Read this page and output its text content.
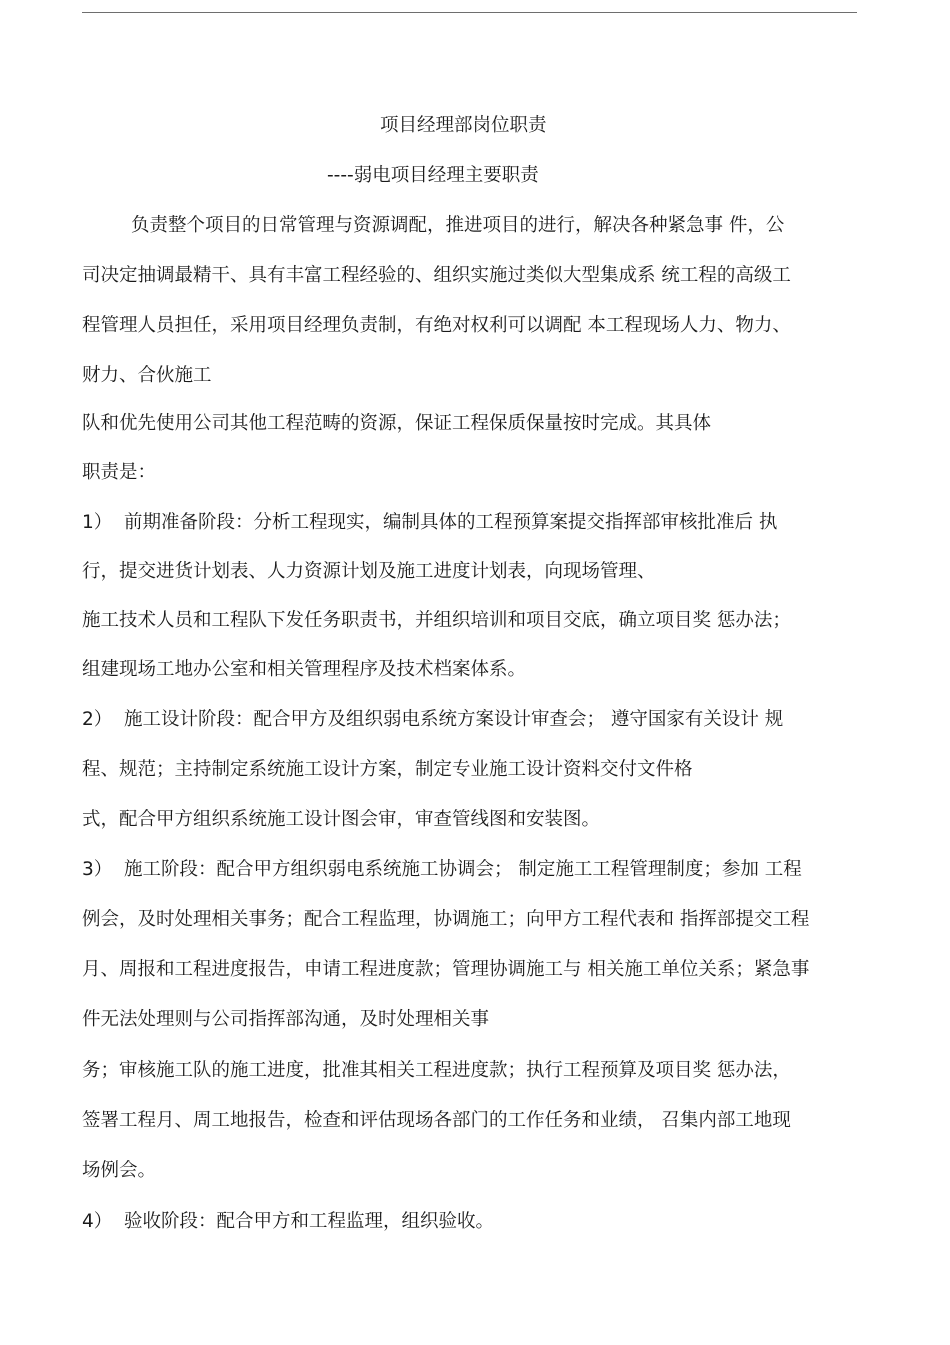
项目经理部岗位职责
----弱电项目经理主要职责
负责整个项目的日常管理与资源调配，推进项目的进行，解决各种紧急事 件，公
司决定抽调最精干、具有丰富工程经验的、组织实施过类似大型集成系 统工程的高级工
程管理人员担任，采用项目经理负责制，有绝对权利可以调配 本工程现场人力、物力、
财力、合伙施工
队和优先使用公司其他工程范畴的资源，保证工程保质保量按时完成。其具体
职责是：
1） 前期准备阶段：分析工程现实，编制具体的工程预算案提交指挥部审核批准后 执
行，提交进货计划表、人力资源计划及施工进度计划表，向现场管理、
施工技术人员和工程队下发任务职责书，并组织培训和项目交底，确立项目奖 惩办法；
组建现场工地办公室和相关管理程序及技术档案体系。
2） 施工设计阶段：配合甲方及组织弱电系统方案设计审查会； 遵守国家有关设计 规
程、规范；主持制定系统施工设计方案，制定专业施工设计资料交付文件格
式，配合甲方组织系统施工设计图会审，审查管线图和安装图。
3） 施工阶段：配合甲方组织弱电系统施工协调会； 制定施工工程管理制度；参加 工程
例会，及时处理相关事务；配合工程监理，协调施工；向甲方工程代表和 指挥部提交工程
月、周报和工程进度报告，申请工程进度款；管理协调施工与 相关施工单位关系；紧急事
件无法处理则与公司指挥部沟通，及时处理相关事
务；审核施工队的施工进度，批准其相关工程进度款；执行工程预算及项目奖 惩办法，
签署工程月、周工地报告，检查和评估现场各部门的工作任务和业绩， 召集内部工地现
场例会。
4） 验收阶段：配合甲方和工程监理，组织验收。
